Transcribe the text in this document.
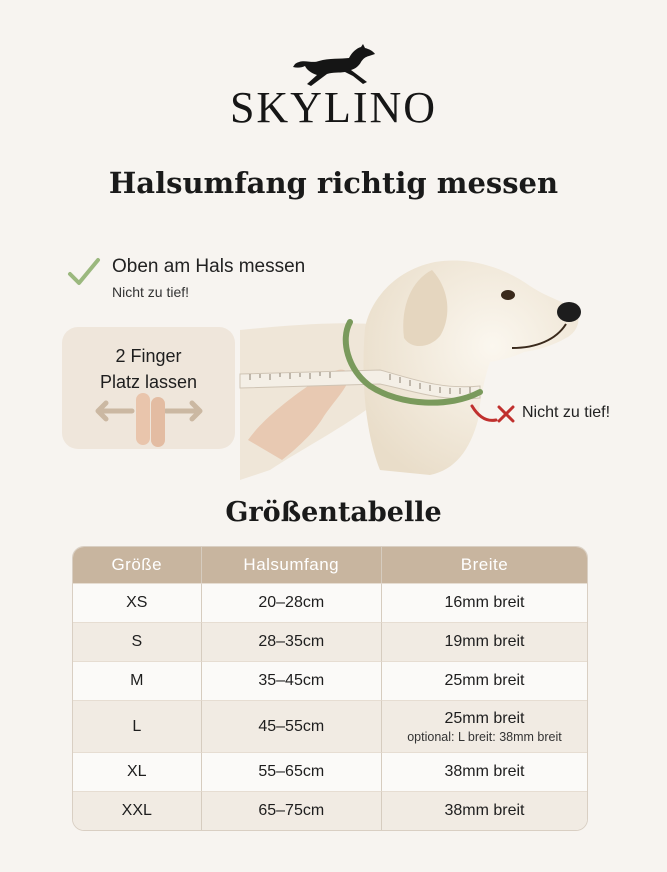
SKYLINO
Halsumfang richtig messen
Oben am Hals messen
Nicht zu tief!
2 Finger
Platz lassen
Nicht zu tief!
Größentabelle
Größe	Halsumfang	Breite
XS	20–28cm	16mm breit
S	28–35cm	19mm breit
M	35–45cm	25mm breit
L	45–55cm	25mm breit
optional: L breit: 38mm breit

XL	55–65cm	38mm breit
XXL	65–75cm	38mm breit
